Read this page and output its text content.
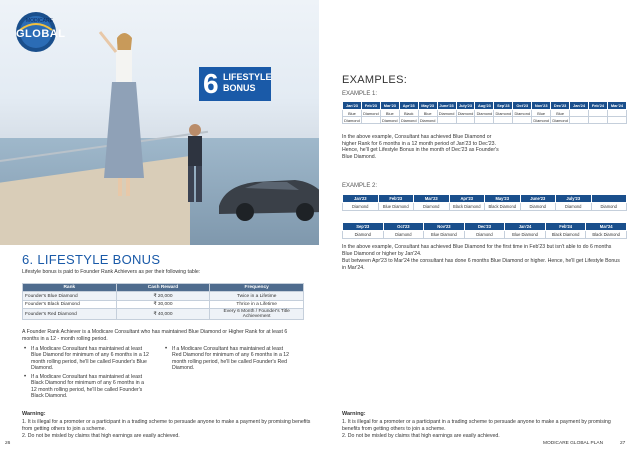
MODICARE
GLOBAL
6 LIFESTYLE
BONUS
6. LIFESTYLE BONUS
Lifestyle bonus is paid to Founder Rank Achievers as per their following table:
Rank	Cash Reward	Frequency
Founder's Blue Diamond	₹ 20,000	Twice in a Lifetime
Founder's Black Diamond	₹ 30,000	Thrice in a Lifetime
Founder's Red Diamond	₹ 40,000	Every 6 Month / Founder's Title Achievement
A Founder Rank Achiever is a Modicare Consultant who has maintained Blue Diamond or Higher Rank for at least 6 months in a 12 - month rolling period.
• If a Modicare Consultant has maintained at least Blue Diamond for minimum of any 6 months in a 12 month rolling period, he'll be called Founder's Blue Diamond.
• If a Modicare Consultant has maintained at least Black Diamond for minimum of any 6 months in a 12 month rolling period, he'll be called Founder's Black Diamond.
• If a Modicare Consultant has maintained at least Red Diamond for minimum of any 6 months in a 12 month rolling period, he'll be called Founder's Red Diamond.
Warning:
1. It is illegal for a promoter or a participant in a trading scheme to persuade anyone to make a payment by promising benefits from getting others to join a scheme.
2. Do not be misled by claims that high earnings are easily achieved.
26
EXAMPLES:
EXAMPLE 1:
Jan'23	Feb'23	Mar'23	Apr'23	May'23	June'23	July'23	Aug'23	Sep'23	Oct'23	Nov'23	Dec'23	Jan'24	Feb'24	Mar'24
Blue	Diamond	Blue	Black	Blue	Diamond	Diamond	Diamond	Diamond	Diamond	Blue	Blue			
Diamond		Diamond	Diamond	Diamond						Diamond	Diamond			
In the above example, Consultant has achieved Blue Diamond or higher Rank for 6 months in a 12 month period of Jan'23 to Dec'23. Hence, he'll get Lifestyle Bonus in the month of Dec'23 as Founder's Blue Diamond.
EXAMPLE 2:
Jan'23	Feb'23	Mar'23	Apr'23	May'23	June'23	July'23	
Diamond	Blue Diamond	Diamond	Black Diamond	Black Diamond	Diamond	Diamond	Diamond
Sep'23	Oct'23	Nov'23	Dec'23	Jan'24	Feb'24	Mar'24
Diamond	Diamond	Blue Diamond	Diamond	Blue Diamond	Black Diamond	Black Diamond
In the above example, Consultant has achieved Blue Diamond for the first time in Feb'23 but isn't able to do 6 months Blue Diamond or higher by Jan'24.
But between Apr'23 to Mar'24 the consultant has done 6 months Blue Diamond or higher. Hence, he'll get Lifestyle Bonus in Mar'24.
Warning:
1. It is illegal for a promoter or a participant in a trading scheme to persuade anyone to make a payment by promising benefits from getting others to join a scheme.
2. Do not be misled by claims that high earnings are easily achieved.
MODICARE GLOBAL PLAN	27
